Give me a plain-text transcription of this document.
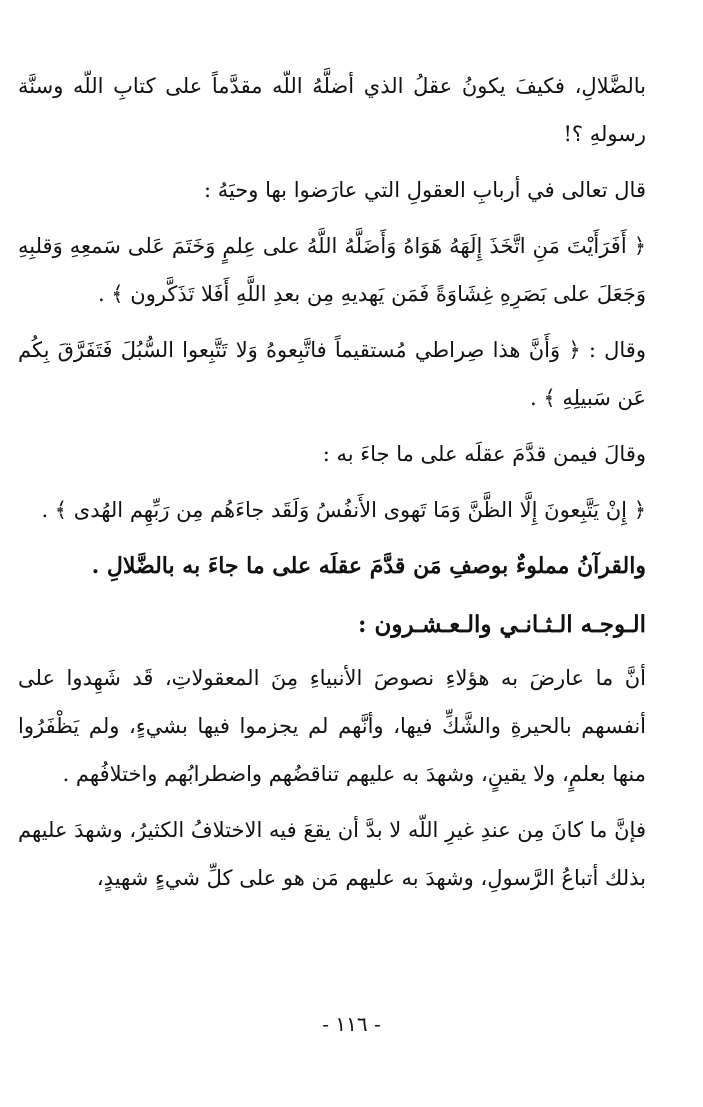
بالضَّلالِ، فكيفَ يكونُ عقلُ الذي أضلَّهُ اللّه مقدَّماً على كتابِ اللّه وسنَّة رسولهِ ؟!

قال تعالى في أربابِ العقولِ التي عارَضوا بها وحيَهُ :

﴿ أَفَرَأَيْتَ مَنِ اتَّخَذَ إِلَهَهُ هَوَاهُ وَأَضَلَّهُ اللَّهُ على عِلمٍ وَخَتَمَ عَلى سَمعِهِ وَقلبِهِ وَجَعَلَ على بَصَرِهِ غِشَاوَةً فَمَن يَهديهِ مِن بعدِ اللَّهِ أَفَلا تَذَكَّرون ﴾ .

وقال : ﴿ وَأَنَّ هذا صِراطي مُستقيماً فاتَّبِعوهُ وَلا تَتَّبِعوا السُّبُلَ فَتَفَرَّقَ بِكُم عَن سَبيلِهِ ﴾ .

وقالَ فيمن قدَّمَ عقلَه على ما جاءَ به :

﴿ إِنْ يَتَّبِعونَ إِلَّا الظَّنَّ وَمَا تَهوى الأَنفُسُ وَلَقَد جاءَهُم مِن رَبِّهِم الهُدى ﴾ .

والقرآنُ مملوءٌ بوصفِ مَن قدَّمَ عقلَه على ما جاءَ به بالضَّلالِ .

الـوجـه الـثـانـي والـعـشـرون :

أنَّ ما عارضَ به هؤلاءِ نصوصَ الأنبياءِ مِنَ المعقولاتِ، قَد شَهِدوا على أنفسهم بالحيرةِ والشَّكِّ فيها، وأنَّهم لم يجزموا فيها بشيءٍ، ولم يَظْفَرُوا منها بعلمٍ، ولا يقينٍ، وشهدَ به عليهم تناقضُهم واضطرابُهم واختلافُهم .

فإنَّ ما كانَ مِن عندِ غيرِ اللّه لا بدَّ أن يقعَ فيه الاختلافُ الكثيرُ، وشهدَ عليهم بذلك أتباعُ الرَّسولِ، وشهدَ به عليهم مَن هو على كلِّ شيءٍ شهيدٍ،

- ١١٦ -
